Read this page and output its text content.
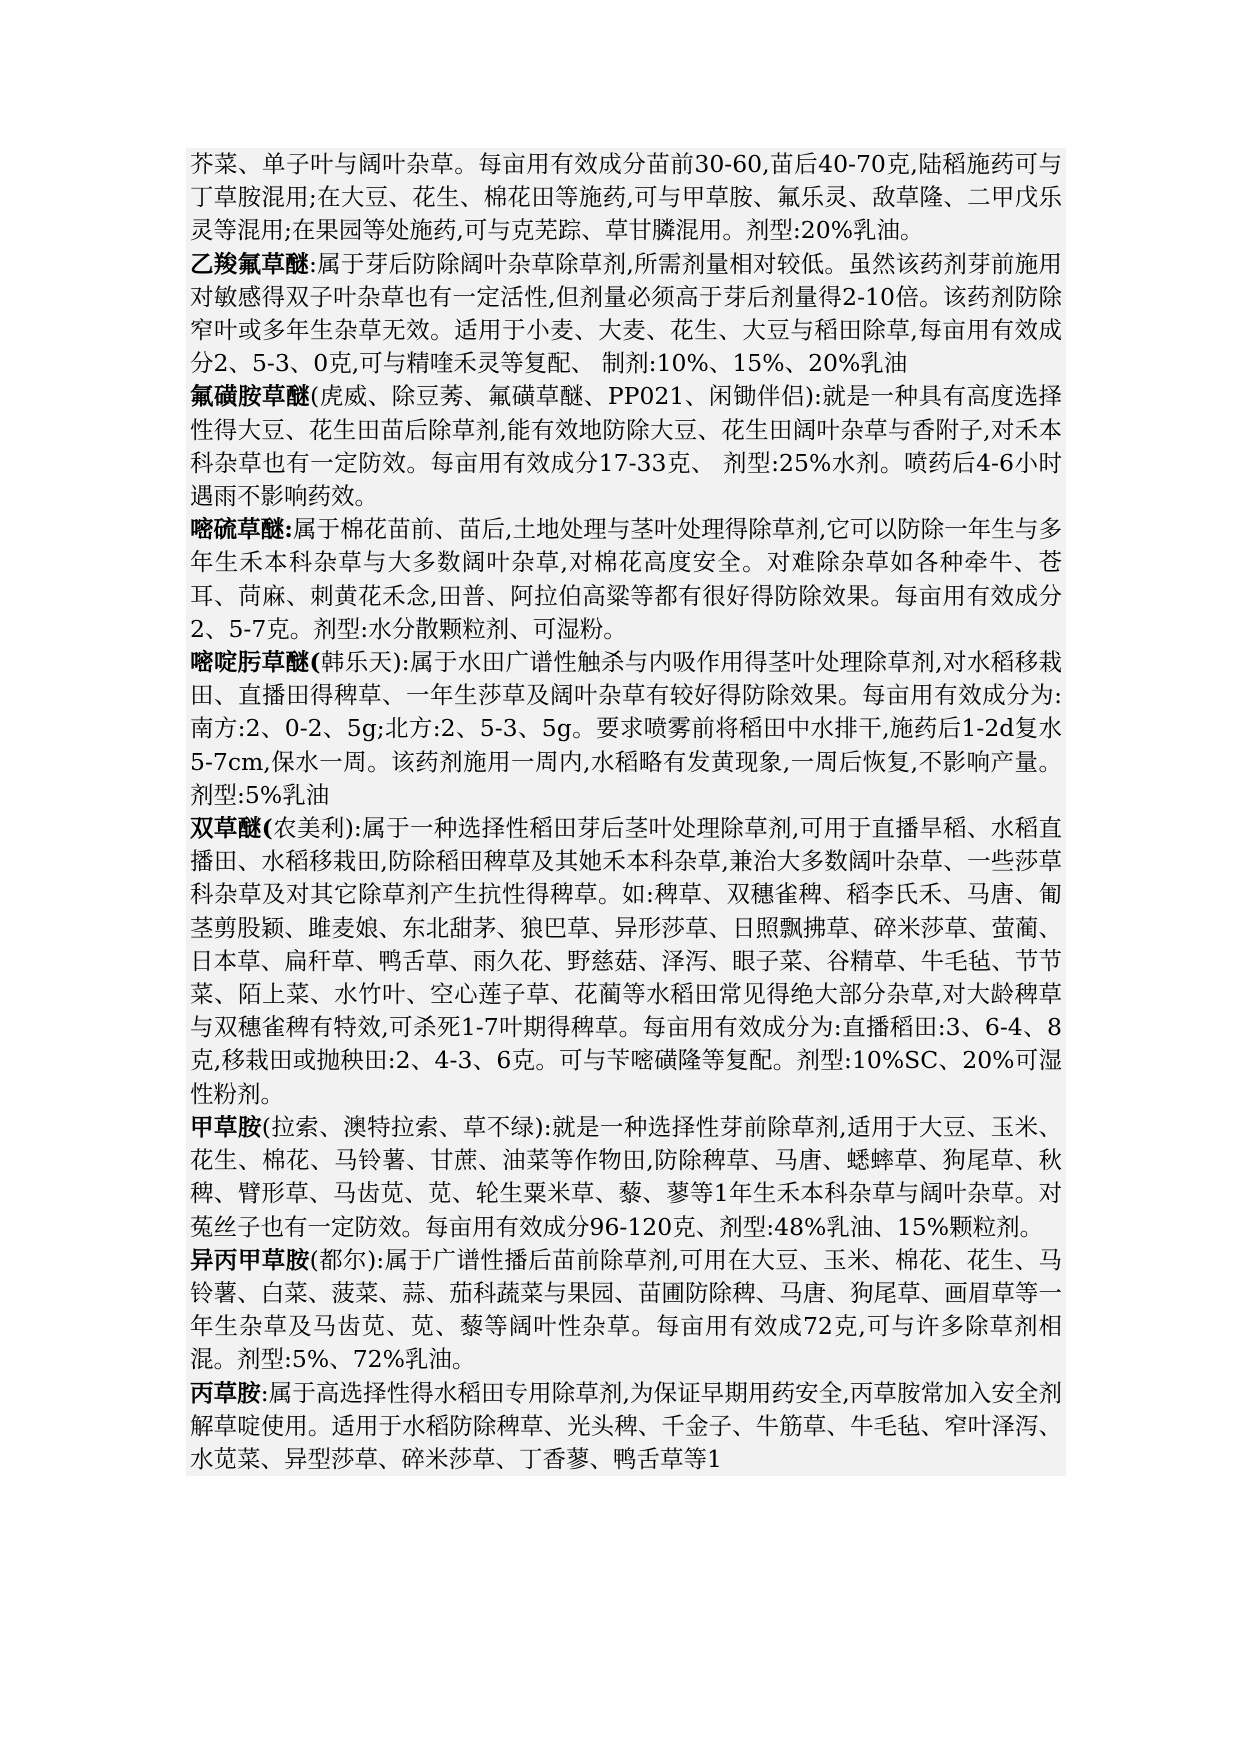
芥菜、单子叶与阔叶杂草。每亩用有效成分苗前30-60,苗后40-70克,陆稻施药可与丁草胺混用;在大豆、花生、棉花田等施药,可与甲草胺、氟乐灵、敌草隆、二甲戊乐灵等混用;在果园等处施药,可与克芜踪、草甘膦混用。剂型:20%乳油。

乙羧氟草醚:属于芽后防除阔叶杂草除草剂,所需剂量相对较低。虽然该药剂芽前施用对敏感得双子叶杂草也有一定活性,但剂量必须高于芽后剂量得2-10倍。该药剂防除窄叶或多年生杂草无效。适用于小麦、大麦、花生、大豆与稻田除草,每亩用有效成分2、5-3、0克,可与精喹禾灵等复配、 制剂:10%、15%、20%乳油

氟磺胺草醚(虎威、除豆莠、氟磺草醚、PP021、闲锄伴侣):就是一种具有高度选择性得大豆、花生田苗后除草剂,能有效地防除大豆、花生田阔叶杂草与香附子,对禾本科杂草也有一定防效。每亩用有效成分17-33克、 剂型:25%水剂。喷药后4-6小时遇雨不影响药效。

嘧硫草醚:属于棉花苗前、苗后,土地处理与茎叶处理得除草剂,它可以防除一年生与多年生禾本科杂草与大多数阔叶杂草,对棉花高度安全。对难除杂草如各种牵牛、苍耳、苘麻、刺黄花禾念,田普、阿拉伯高粱等都有很好得防除效果。每亩用有效成分2、5-7克。剂型:水分散颗粒剂、可湿粉。

嘧啶肟草醚(韩乐天):属于水田广谱性触杀与内吸作用得茎叶处理除草剂,对水稻移栽田、直播田得稗草、一年生莎草及阔叶杂草有较好得防除效果。每亩用有效成分为:南方:2、0-2、5g;北方:2、5-3、5g。要求喷雾前将稻田中水排干,施药后1-2d复水5-7cm,保水一周。该药剂施用一周内,水稻略有发黄现象,一周后恢复,不影响产量。剂型:5%乳油

双草醚(农美利):属于一种选择性稻田芽后茎叶处理除草剂,可用于直播旱稻、水稻直播田、水稻移栽田,防除稻田稗草及其她禾本科杂草,兼治大多数阔叶杂草、一些莎草科杂草及对其它除草剂产生抗性得稗草。如:稗草、双穗雀稗、稻李氏禾、马唐、匍茎剪股颖、雎麦娘、东北甜茅、狼巴草、异形莎草、日照飘拂草、碎米莎草、萤蔺、日本草、扁秆草、鸭舌草、雨久花、野慈菇、泽泻、眼子菜、谷精草、牛毛毡、节节菜、陌上菜、水竹叶、空心莲子草、花蔺等水稻田常见得绝大部分杂草,对大龄稗草与双穗雀稗有特效,可杀死1-7叶期得稗草。每亩用有效成分为:直播稻田:3、6-4、8克,移栽田或抛秧田:2、4-3、6克。可与苄嘧磺隆等复配。剂型:10%SC、20%可湿性粉剂。

甲草胺(拉索、澳特拉索、草不绿):就是一种选择性芽前除草剂,适用于大豆、玉米、花生、棉花、马铃薯、甘蔗、油菜等作物田,防除稗草、马唐、蟋蟀草、狗尾草、秋稗、臂形草、马齿苋、苋、轮生粟米草、藜、蓼等1年生禾本科杂草与阔叶杂草。对菟丝子也有一定防效。每亩用有效成分96-120克、剂型:48%乳油、15%颗粒剂。

异丙甲草胺(都尔):属于广谱性播后苗前除草剂,可用在大豆、玉米、棉花、花生、马铃薯、白菜、菠菜、蒜、茄科蔬菜与果园、苗圃防除稗、马唐、狗尾草、画眉草等一年生杂草及马齿苋、苋、藜等阔叶性杂草。每亩用有效成72克,可与许多除草剂相混。剂型:5%、72%乳油。

丙草胺:属于高选择性得水稻田专用除草剂,为保证早期用药安全,丙草胺常加入安全剂解草啶使用。适用于水稻防除稗草、光头稗、千金子、牛筋草、牛毛毡、窄叶泽泻、水苋菜、异型莎草、碎米莎草、丁香蓼、鸭舌草等1
